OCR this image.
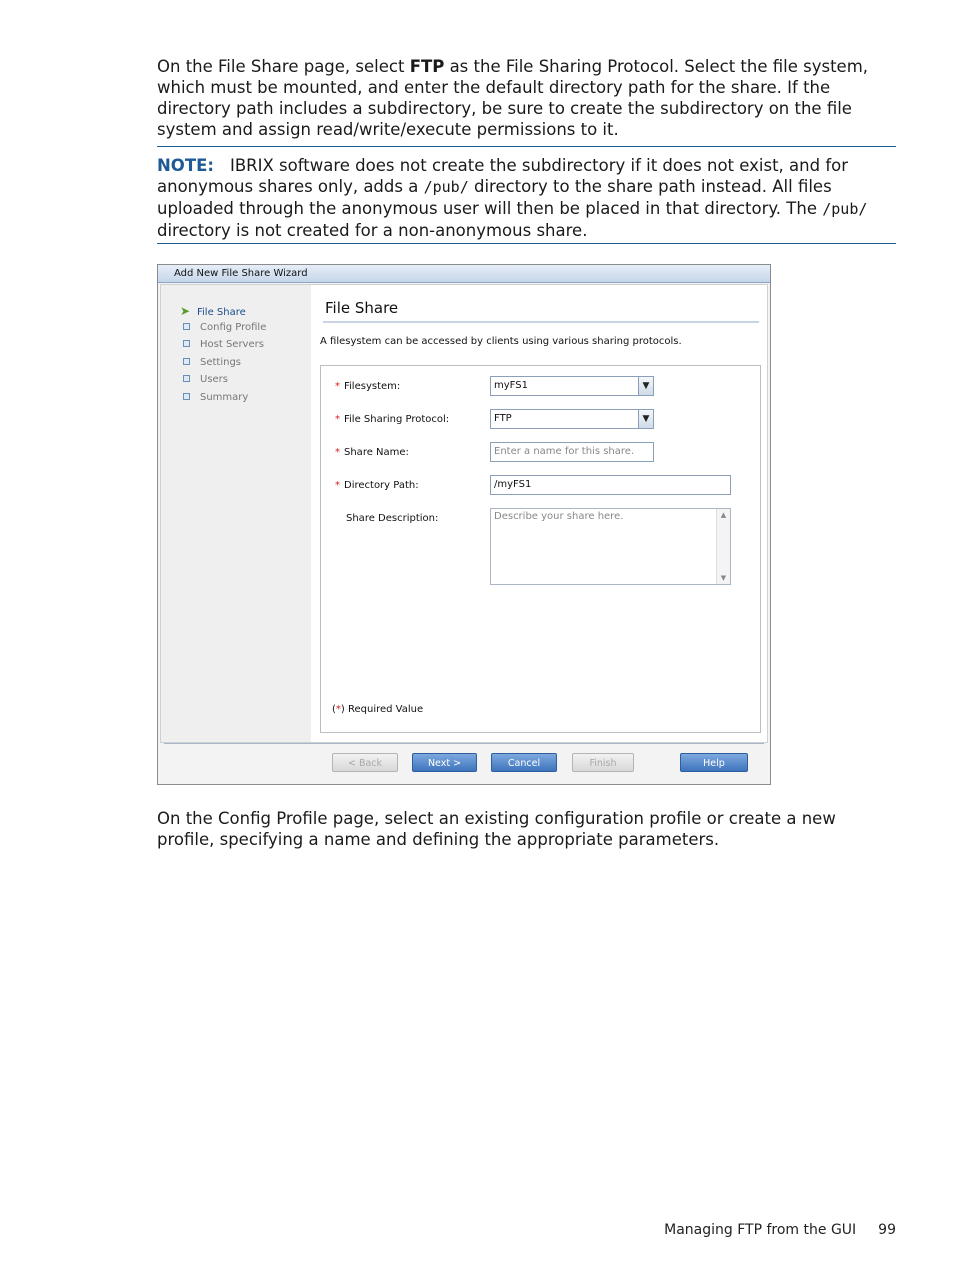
On the File Share page, select FTP as the File Sharing Protocol. Select the file system, which must be mounted, and enter the default directory path for the share. If the directory path includes a subdirectory, be sure to create the subdirectory on the file system and assign read/write/execute permissions to it.
NOTE: IBRIX software does not create the subdirectory if it does not exist, and for anonymous shares only, adds a /pub/ directory to the share path instead. All files uploaded through the anonymous user will then be placed in that directory. The /pub/ directory is not created for a non-anonymous share.
Add New File Share Wizard
➤ File Share
Config Profile
Host Servers
Settings
Users
Summary
File Share
A filesystem can be accessed by clients using various sharing protocols.
* Filesystem:	myFS1	▼
* File Sharing Protocol:	FTP	▼
* Share Name:	Enter a name for this share.
* Directory Path:	/myFS1
Share Description:	Describe your share here.	▲
▼
(*) Required Value
< Back	Next >	Cancel	Finish	Help
On the Config Profile page, select an existing configuration profile or create a new profile, specifying a name and defining the appropriate parameters.
Managing FTP from the GUI 99
